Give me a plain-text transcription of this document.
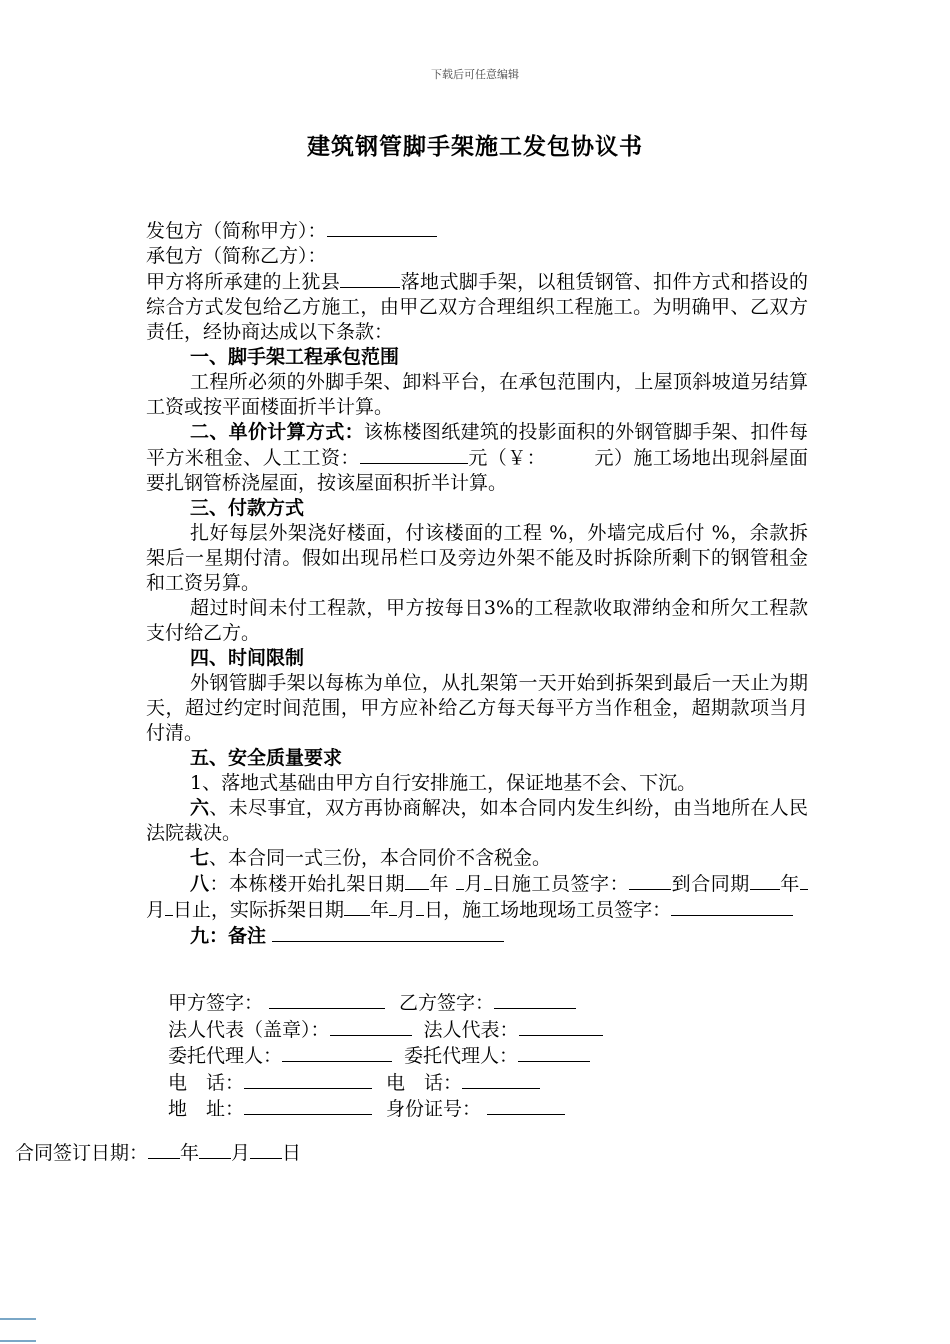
下载后可任意编辑
建筑钢管脚手架施工发包协议书

发包方（简称甲方）：

承包方（简称乙方）：

甲方将所承建的上犹县	落地式脚手架，以租赁钢管、扣件方式和搭设的综合方式发包给乙方施工，由甲乙双方合理组织工程施工。为明确甲、乙双方责任，经协商达成以下条款：

一、脚手架工程承包范围

工程所必须的外脚手架、卸料平台，在承包范围内，上屋顶斜坡道另结算工资或按平面楼面折半计算。

二、单价计算方式：该栋楼图纸建筑的投影面积的外钢管脚手架、扣件每平方米租金、人工工资：	元（￥：	元）施工场地出现斜屋面要扎钢管桥浇屋面，按该屋面积折半计算。

三、付款方式

扎好每层外架浇好楼面，付该楼面的工程 %，外墙完成后付 %，余款拆架后一星期付清。假如出现吊栏口及旁边外架不能及时拆除所剩下的钢管租金和工资另算。

超过时间未付工程款，甲方按每日3%的工程款收取滞纳金和所欠工程款支付给乙方。

四、时间限制

外钢管脚手架以每栋为单位，从扎架第一天开始到拆架到最后一天止为期 天，超过约定时间范围，甲方应补给乙方每天每平方当作租金，超期款项当月付清。

五、安全质量要求

1、落地式基础由甲方自行安排施工，保证地基不会、下沉。

六、未尽事宜，双方再协商解决，如本合同内发生纠纷，由当地所在人民法院裁决。

七、本合同一式三份，本合同价不含税金。

八：本栋楼开始扎架日期 年 月 日施工员签字： 到合同期 年 月 日止，实际拆架日期 年 月 日，施工场地现场工员签字：

九：备注

甲方签字：	乙方签字：
法人代表（盖章）：	法人代表：
委托代理人：	委托代理人：
电　话：	电　话：
地　址：	身份证号：
合同签订日期： 年 月 日
